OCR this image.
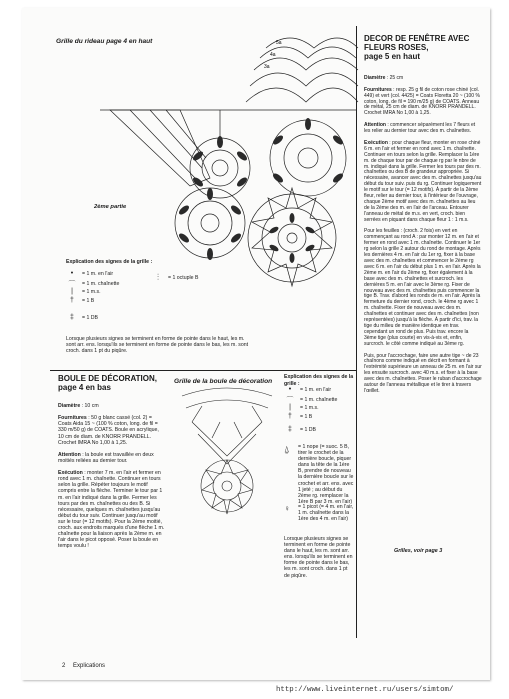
Grille du rideau page 4 en haut	5a
4a
3a
2ème partie
Explication des signes de la grille :
•	= 1 m. en l'air
⌒	= 1 m. chaînette
|	= 1 m.s.
†	= 1 B
‡	= 1 DB
⫶	= 1 octuple B
Lorsque plusieurs signes se terminent en forme de pointe dans le haut, les m. sont arr. ens. lorsqu'ils se terminent en forme de pointe dans le bas, les m. sont croch. dans 1 pt du piqûre.
BOULE DE DÉCORATION,
page 4 en bas

Diamètre : 10 cm

Fournitures : 50 g blanc cassé (col. 2) = Coats Aida 15 ~ (100 % coton, long. de fil = 330 m/50 g) de COATS. Boule en acrylique, 10 cm de diam. de KNORR PRANDELL. Crochet IMRA No 1,00 à 1,25.

Attention : la boule est travaillée en deux moitiés reliées au dernier tour.

Exécution : monter 7 m. en l'air et fermer en rond avec 1 m. chaînette. Continuer en tours selon la grille. Répéter toujours le motif compris entre la flèche. Terminer le tour par 1 m. en l'air indiqué dans la grille. Fermer les tours par des m. chaînettes ou des B. Si nécessaire, quelques m. chaînettes jusqu'au début du tour suiv. Continuer jusqu'au motif sur le tour (= 12 motifs). Pour la 2ème moitié, croch. aux endroits marqués d'une flèche 1 m. chaînette pour la liaison après la 2ème m. en l'air dans le picot opposé. Poser la boule en temps voulu !

Grille de la boule de décoration
Explication des signes de la grille :
•	= 1 m. en l'air
⌒	= 1 m. chaînette
|	= 1 m.s.
†	= 1 B
‡	= 1 DB
⍙ = 1 nope (= suoc. 5 B, tirer le crochet de la dernière boucle, piquer dans la tête de la 1ère B, prendre de nouveau la dernière boucle sur le crochet et arr. ens. avec 1 jeté ; au début du 2ème rg. remplacer la 1ère B par 3 m. en l'air)
♀ = 1 picot (= 4 m. en l'air, 1 m. chaînette dans la 1ère des 4 m. en l'air)
Lorsque plusieurs signes se terminent en forme de pointe dans le haut, les m. sont arr. ens. lorsqu'ils se terminent en forme de pointe dans le bas, les m. sont croch. dans 1 pt de piqûre.
DECOR DE FENÊTRE AVEC
FLEURS ROSES,
page 5 en haut

Diamètre : 25 cm

Fournitures : resp. 25 g fil de coton rose chiné (col. 449) et vert (col. 4425) = Coats Floretta 20 ~ (100 % coton, long. de fil = 190 m/25 g) de COATS. Anneau de métal, 25 cm de diam. de KNORR PRANDELL. Crochet IMRA No 1,00 à 1,25.

Attention : commencer séparément les 7 fleurs et les relier au dernier tour avec des m. chaînettes.

Exécution : pour chaque fleur, monter en rose chiné 6 m. en l'air et fermer en rond avec 1 m. chaînette. Continuer en tours selon la grille. Remplacer la 1ère m. de chaque tour par de chaque rg par le nbre de m. indiqué dans la grille. Fermer les tours par des m. chaînettes ou des B de grandeur appropriée. Si nécessaire, avancer avec des m. chaînettes jusqu'au début du tour suiv. puis du rg. Continuer logiquement le motif sur le tour (= 12 motifs). À partir de la 2ème fleur, relier au dernier tour, à l'intérieur de l'ouvrage, chaque 2ème motif avec des m. chaînettes au lieu de la 2ème des m. en l'air de l'arceau. Entourer l'anneau de métal de m.s. en vert, croch. bien serrées en piquant dans chaque fleur 1 : 1 m.s.

Pour les feuilles : (croch. 2 fois) en vert en commençant au rond A : par monter 12 m. en l'air et fermer en rond avec 1 m. chaînette. Continuer le 1er rg selon la grille 2 autour du rond de montage. Après les dernières 4 m. en l'air du 1er rg, fixer à la base avec des m. chaînettes et commencer le 2ème rg avec 6 m. en l'air du début plus 1 m. en l'air. Après la 2ème m. en l'air du 2ème rg, fixer également à la base avec des m. chaînettes et surcroch. les dernières 5 m. en l'air avec le 3ème rg. Fixer de nouveau avec des m. chaînettes puis commencer la tige B. Trav. d'abord les ronds de m. en l'air. Après la fermeture du dernier rond, croch. le 4ème rg avec 1 m. chaînette. Fixer de nouveau avec des m. chaînettes et continuer avec des m. chaînettes (non représentées) jusqu'à la flèche. À partir d'ici, trav. la tige du milieu de manière identique en trav. cependant un rond de plus. Puis trav. encore la 3ème tige (plus courte) en vis-à-vis et, enfin, surcroch. le côté comme indiqué au 3ème rg.

Puis, pour l'accrochage, faire une autre tige ~ de 23 chaînons comme indiqué en décrit en formant à l'extrémité supérieure un anneau de 25 m. en l'air sur les ensuite surcroch. avec 40 m.s. et fixer à la base avec des m. chaînettes. Poser le ruban d'accrochage autour de l'anneau métallique et le tirer à travers l'œillet.

Grilles, voir page 3
2 Explications
http://www.liveinternet.ru/users/simtom/
